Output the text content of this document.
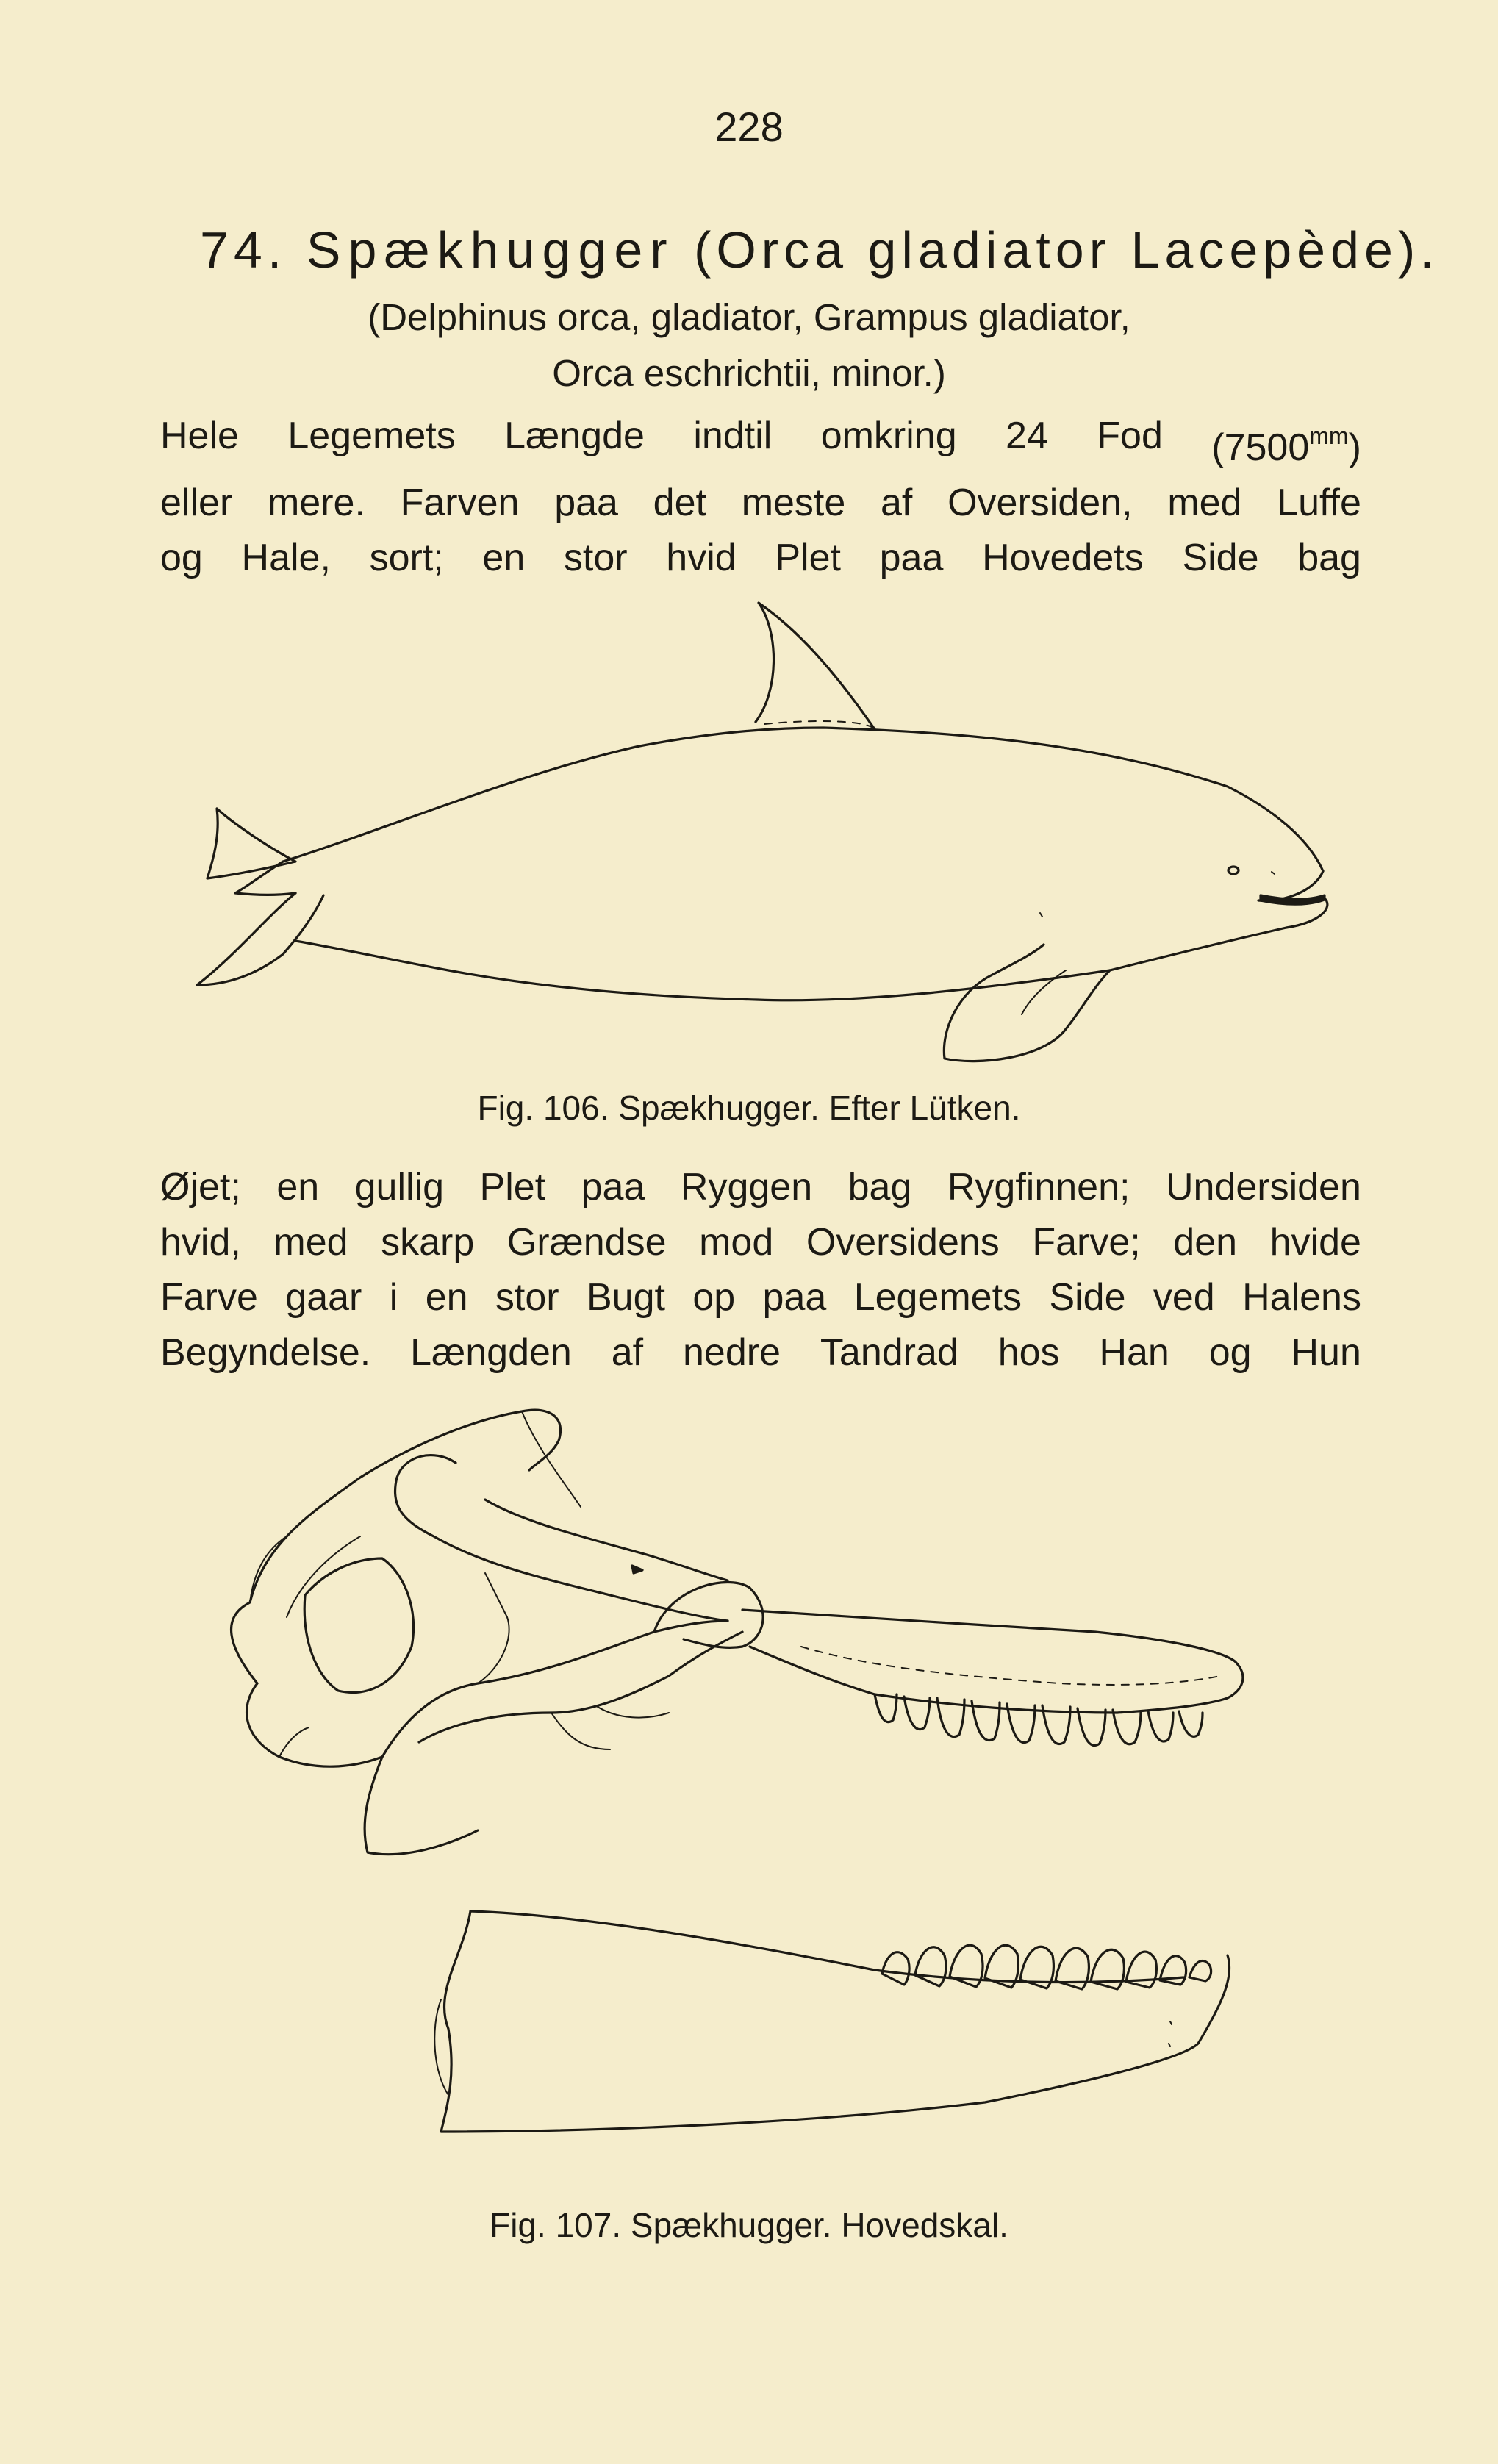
228
74. Spækhugger (Orca gladiator Lacepède).
(Delphinus orca, gladiator, Grampus gladiator,
Orca eschrichtii, minor.)
Hele Legemets Længde indtil omkring 24 Fod $(7500^{mm})$
eller mere. Farven paa det meste af Oversiden, med Luffe
og Hale, sort; en stor hvid Plet paa Hovedets Side bag
Fig. 106. Spækhugger. Efter Lütken.
Øjet; en gullig Plet paa Ryggen bag Rygfinnen; Undersiden
hvid, med skarp Grændse mod Oversidens Farve; den hvide
Farve gaar i en stor Bugt op paa Legemets Side ved Halens
Begyndelse. Længden af nedre Tandrad hos Han og Hun
Fig. 107. Spækhugger. Hovedskal.
